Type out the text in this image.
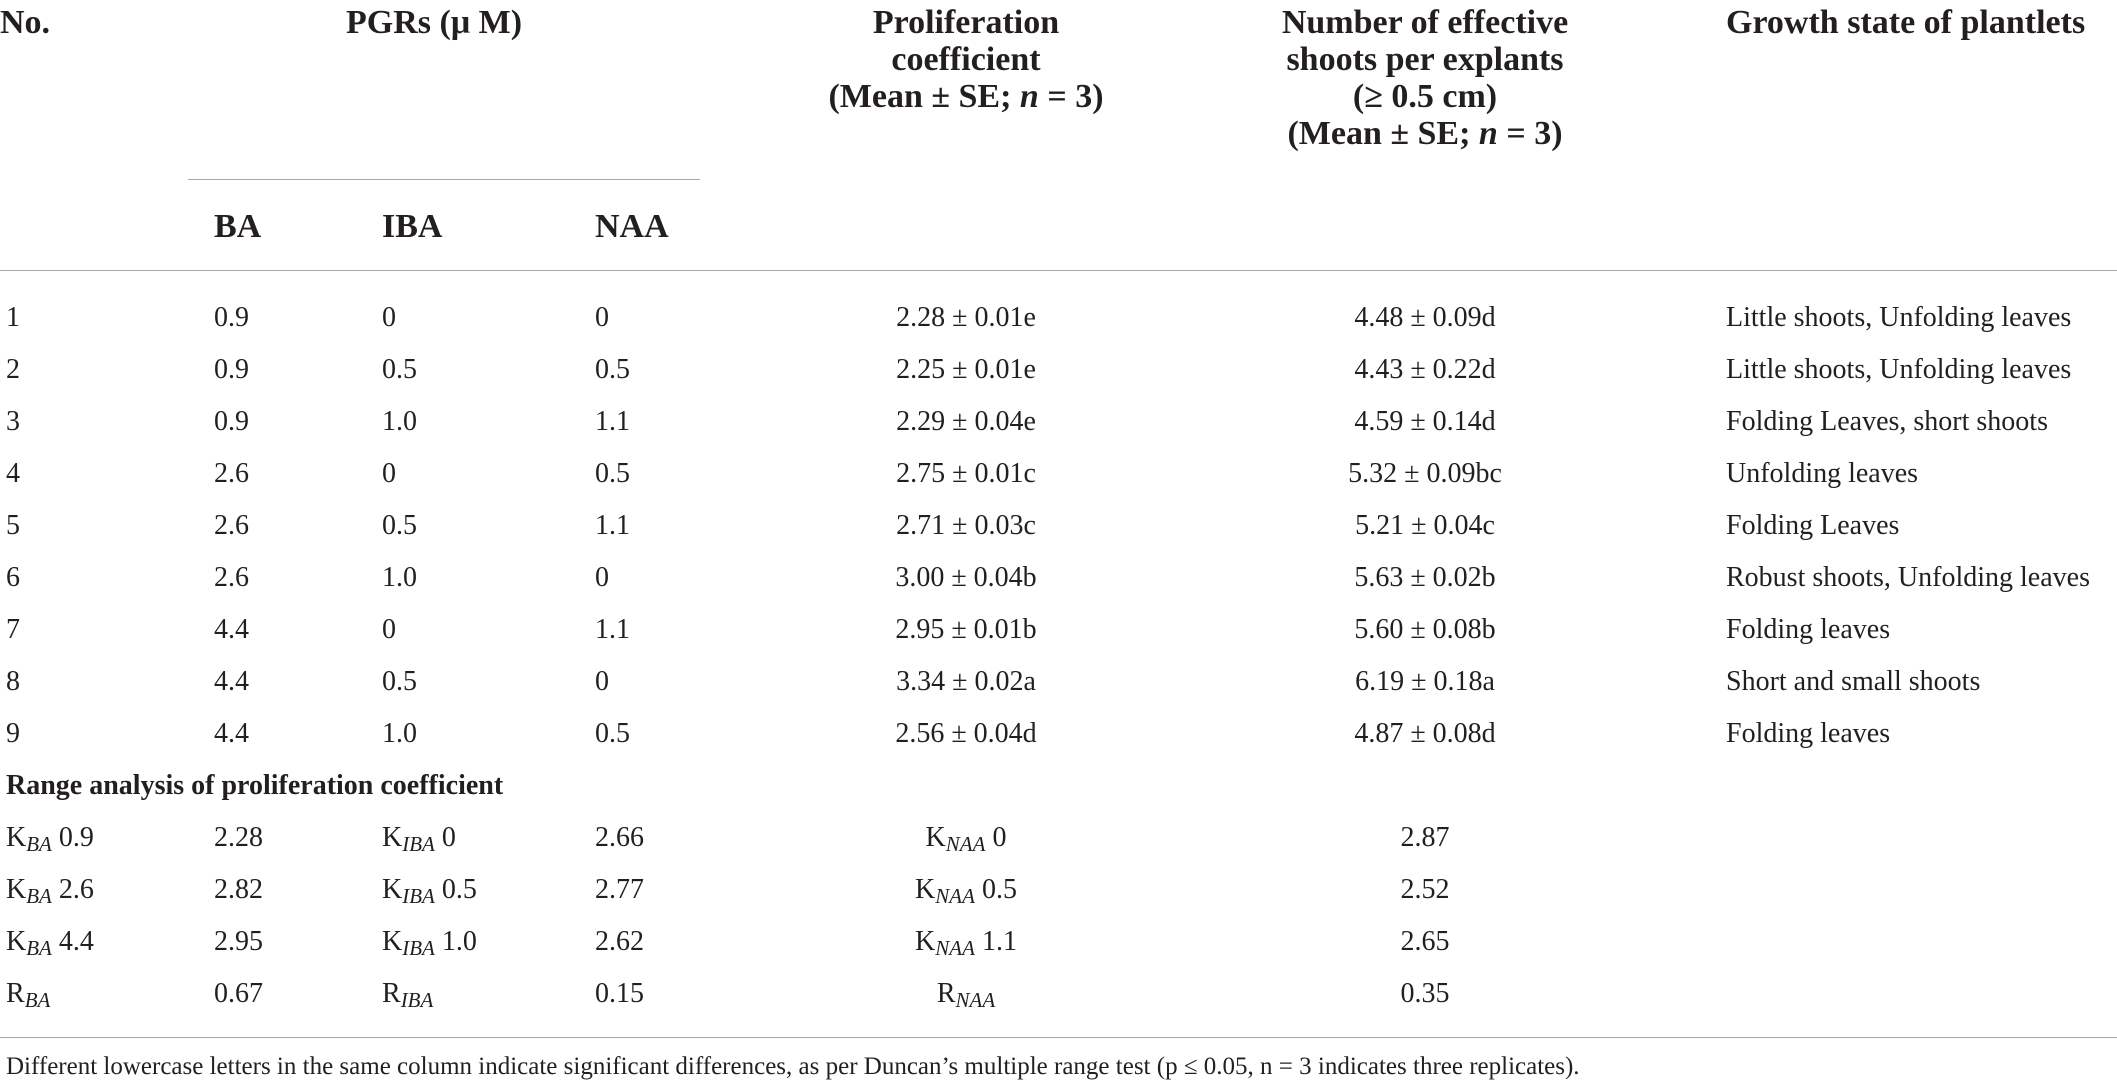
No.	PGRs (μ M)	Proliferation
coefficient
(Mean ± SE; n = 3)
Number of effective
shoots per explants
(≥ 0.5 cm)
(Mean ± SE; n = 3)
Growth state of plantlets
BA	IBA	NAA
1	0.9	0	0	2.28 ± 0.01e	4.48 ± 0.09d	Little shoots, Unfolding leaves
2	0.9	0.5	0.5	2.25 ± 0.01e	4.43 ± 0.22d	Little shoots, Unfolding leaves
3	0.9	1.0	1.1	2.29 ± 0.04e	4.59 ± 0.14d	Folding Leaves, short shoots
4	2.6	0	0.5	2.75 ± 0.01c	5.32 ± 0.09bc	Unfolding leaves
5	2.6	0.5	1.1	2.71 ± 0.03c	5.21 ± 0.04c	Folding Leaves
6	2.6	1.0	0	3.00 ± 0.04b	5.63 ± 0.02b	Robust shoots, Unfolding leaves
7	4.4	0	1.1	2.95 ± 0.01b	5.60 ± 0.08b	Folding leaves
8	4.4	0.5	0	3.34 ± 0.02a	6.19 ± 0.18a	Short and small shoots
9	4.4	1.0	0.5	2.56 ± 0.04d	4.87 ± 0.08d	Folding leaves
Range analysis of proliferation coefficient
KBA 0.9	2.28	KIBA 0	2.66	KNAA 0	2.87
KBA 2.6	2.82	KIBA 0.5	2.77	KNAA 0.5	2.52
KBA 4.4	2.95	KIBA 1.0	2.62	KNAA 1.1	2.65
RBA	0.67	RIBA	0.15	RNAA	0.35
Different lowercase letters in the same column indicate significant differences, as per Duncan’s multiple range test (p ≤ 0.05, n = 3 indicates three replicates).
